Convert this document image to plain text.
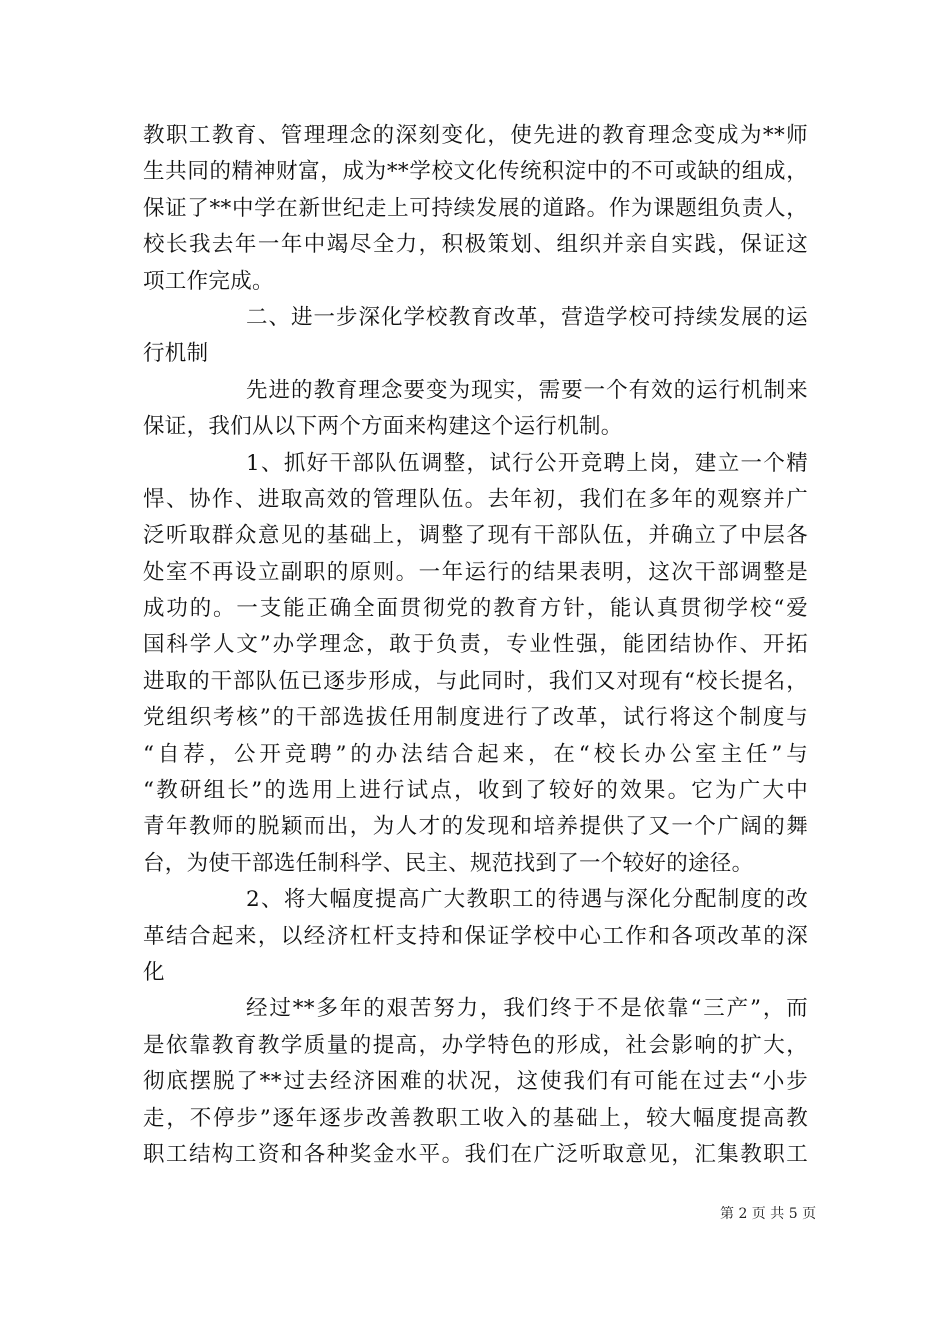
教职工教育、管理理念的深刻变化，使先进的教育理念变成为**师
生共同的精神财富，成为**学校文化传统积淀中的不可或缺的组成，
保证了**中学在新世纪走上可持续发展的道路。作为课题组负责人，
校长我去年一年中竭尽全力，积极策划、组织并亲自实践，保证这
项工作完成。
二、进一步深化学校教育改革，营造学校可持续发展的运
行机制
先进的教育理念要变为现实，需要一个有效的运行机制来
保证，我们从以下两个方面来构建这个运行机制。
1、抓好干部队伍调整，试行公开竞聘上岗，建立一个精
悍、协作、进取高效的管理队伍。去年初，我们在多年的观察并广
泛听取群众意见的基础上，调整了现有干部队伍，并确立了中层各
处室不再设立副职的原则。一年运行的结果表明，这次干部调整是
成功的。一支能正确全面贯彻党的教育方针，能认真贯彻学校“爱
国科学人文”办学理念，敢于负责，专业性强，能团结协作、开拓
进取的干部队伍已逐步形成，与此同时，我们又对现有“校长提名，
党组织考核”的干部选拔任用制度进行了改革，试行将这个制度与
“自荐，公开竞聘”的办法结合起来，在“校长办公室主任”与
“教研组长”的选用上进行试点，收到了较好的效果。它为广大中
青年教师的脱颖而出，为人才的发现和培养提供了又一个广阔的舞
台，为使干部选任制科学、民主、规范找到了一个较好的途径。
2、将大幅度提高广大教职工的待遇与深化分配制度的改
革结合起来，以经济杠杆支持和保证学校中心工作和各项改革的深
化
经过**多年的艰苦努力，我们终于不是依靠“三产”，而
是依靠教育教学质量的提高，办学特色的形成，社会影响的扩大，
彻底摆脱了**过去经济困难的状况，这使我们有可能在过去“小步
走，不停步”逐年逐步改善教职工收入的基础上，较大幅度提高教
职工结构工资和各种奖金水平。我们在广泛听取意见，汇集教职工
第 2 页 共 5 页
